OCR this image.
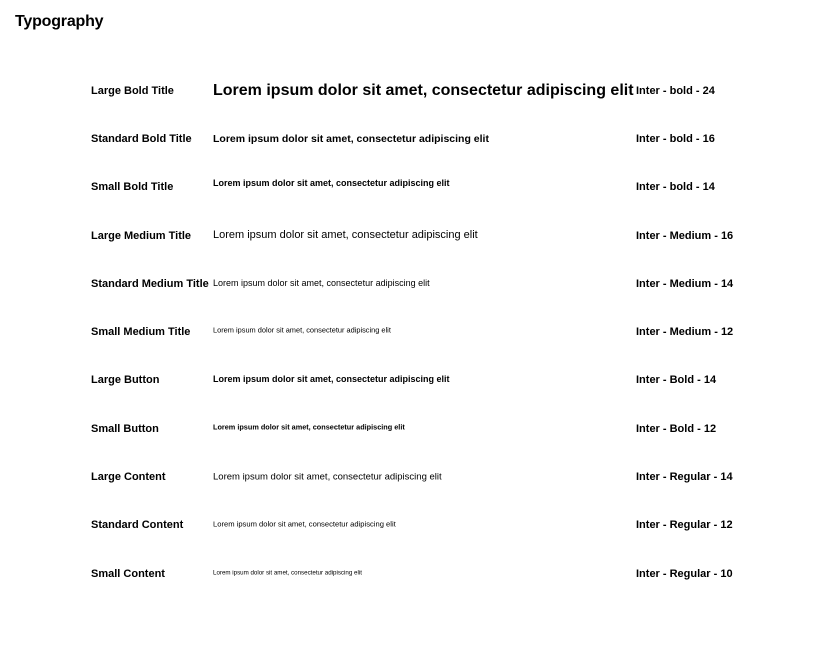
Typography
Large Bold Title Lorem ipsum dolor sit amet, consectetur adipiscing elit Inter - bold - 24
Standard Bold Title Lorem ipsum dolor sit amet, consectetur adipiscing elit	Inter - bold - 16
Small Bold Title	Lorem ipsum dolor sit amet, consectetur adipiscing elit	Inter - bold - 14
Large Medium Title Lorem ipsum dolor sit amet, consectetur adipiscing elit	Inter - Medium - 16
Standard Medium Title Lorem ipsum dolor sit amet, consectetur adipiscing elit	Inter - Medium - 14
Small Medium Title	Lorem ipsum dolor sit amet, consectetur adipiscing elit	Inter - Medium - 12
Large Button	Lorem ipsum dolor sit amet, consectetur adipiscing elit	Inter - Bold - 14
Small Button	Lorem ipsum dolor sit amet, consectetur adipiscing elit	Inter - Bold - 12
Large Content	Lorem ipsum dolor sit amet, consectetur adipiscing elit	Inter - Regular - 14
Standard Content	Lorem ipsum dolor sit amet, consectetur adipiscing elit	Inter - Regular - 12
Small Content	Lorem ipsum dolor sit amet, consectetur adipiscing elit	Inter - Regular - 10
